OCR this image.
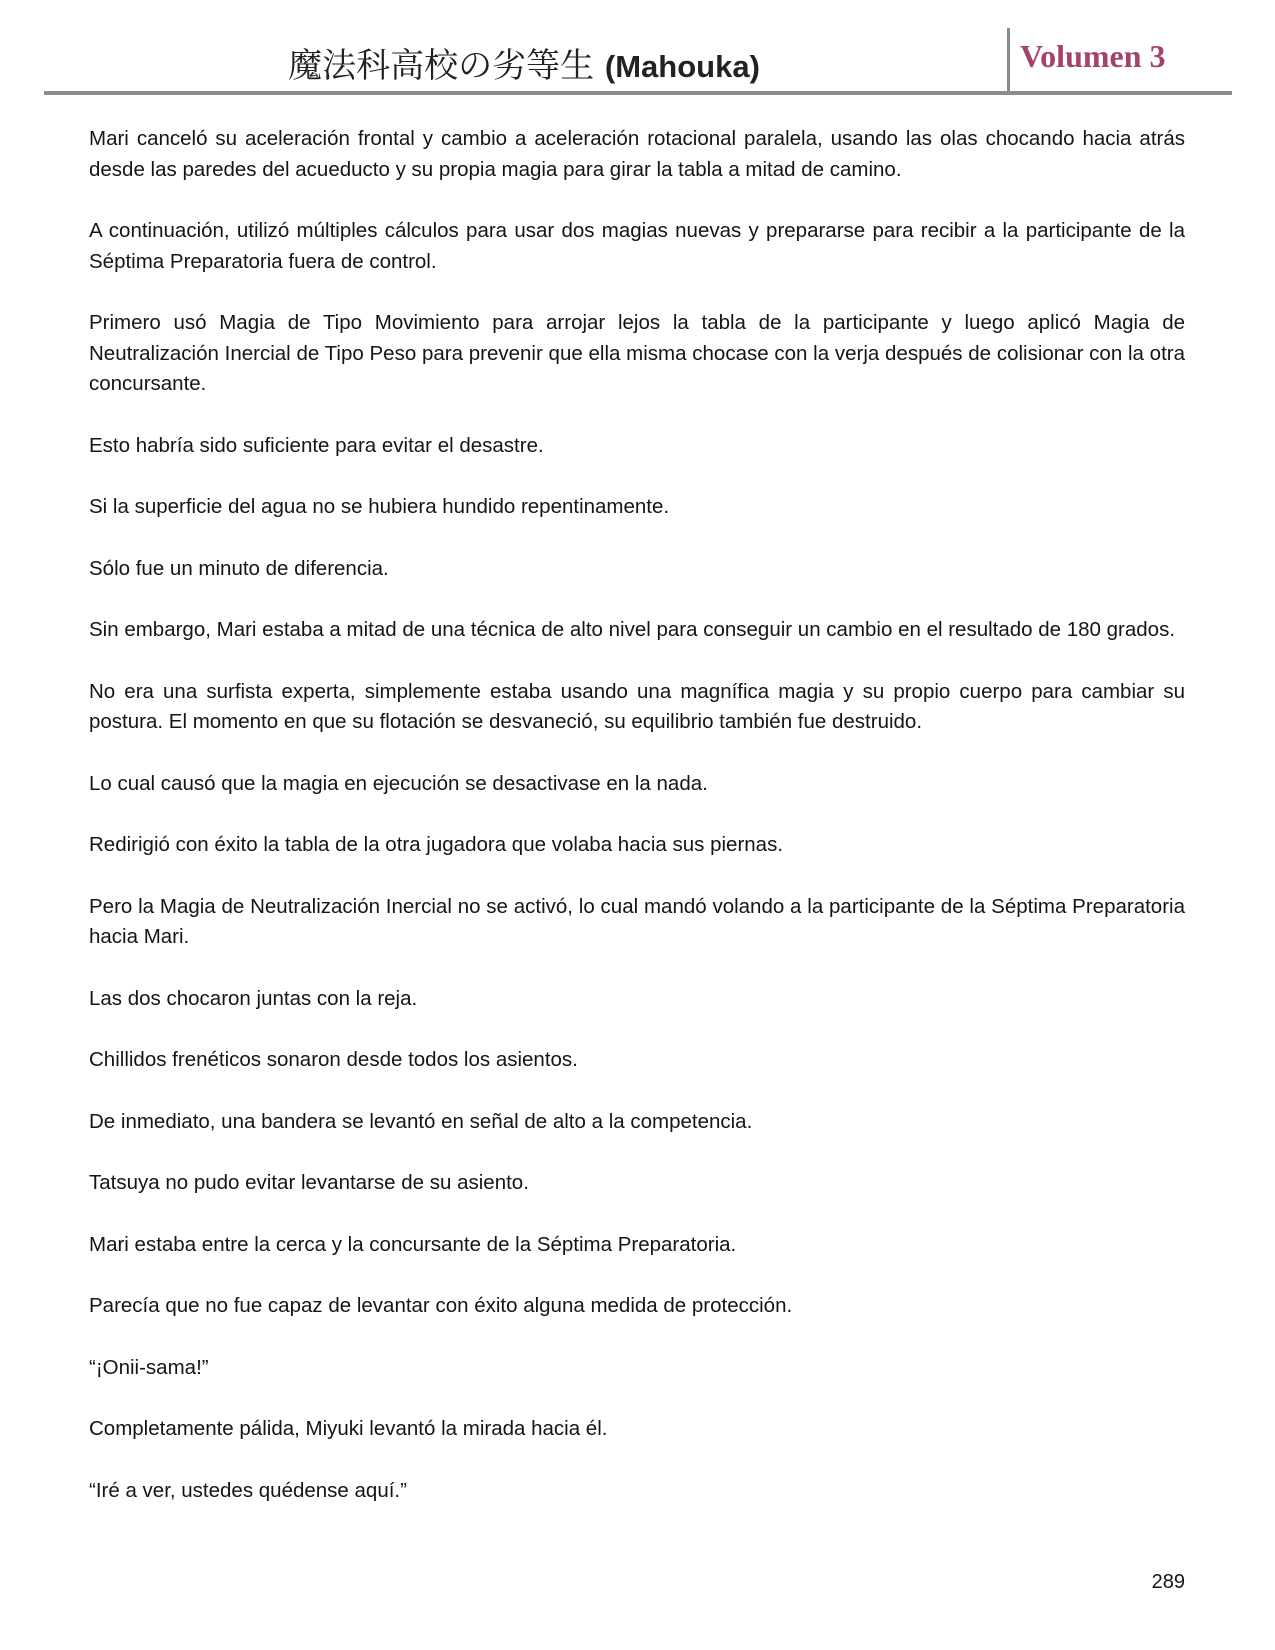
魔法科高校の劣等生 (Mahouka)	Volumen 3

Mari canceló su aceleración frontal y cambio a aceleración rotacional paralela, usando las olas chocando hacia atrás desde las paredes del acueducto y su propia magia para girar la tabla a mitad de camino.

A continuación, utilizó múltiples cálculos para usar dos magias nuevas y prepararse para recibir a la participante de la Séptima Preparatoria fuera de control.

Primero usó Magia de Tipo Movimiento para arrojar lejos la tabla de la participante y luego aplicó Magia de Neutralización Inercial de Tipo Peso para prevenir que ella misma chocase con la verja después de colisionar con la otra concursante.

Esto habría sido suficiente para evitar el desastre.

Si la superficie del agua no se hubiera hundido repentinamente.

Sólo fue un minuto de diferencia.

Sin embargo, Mari estaba a mitad de una técnica de alto nivel para conseguir un cambio en el resultado de 180 grados.

No era una surfista experta, simplemente estaba usando una magnífica magia y su propio cuerpo para cambiar su postura. El momento en que su flotación se desvaneció, su equilibrio también fue destruido.

Lo cual causó que la magia en ejecución se desactivase en la nada.

Redirigió con éxito la tabla de la otra jugadora que volaba hacia sus piernas.

Pero la Magia de Neutralización Inercial no se activó, lo cual mandó volando a la participante de la Séptima Preparatoria hacia Mari.

Las dos chocaron juntas con la reja.

Chillidos frenéticos sonaron desde todos los asientos.

De inmediato, una bandera se levantó en señal de alto a la competencia.

Tatsuya no pudo evitar levantarse de su asiento.

Mari estaba entre la cerca y la concursante de la Séptima Preparatoria.

Parecía que no fue capaz de levantar con éxito alguna medida de protección.

“¡Onii-sama!”

Completamente pálida, Miyuki levantó la mirada hacia él.

“Iré a ver, ustedes quédense aquí.”

289
